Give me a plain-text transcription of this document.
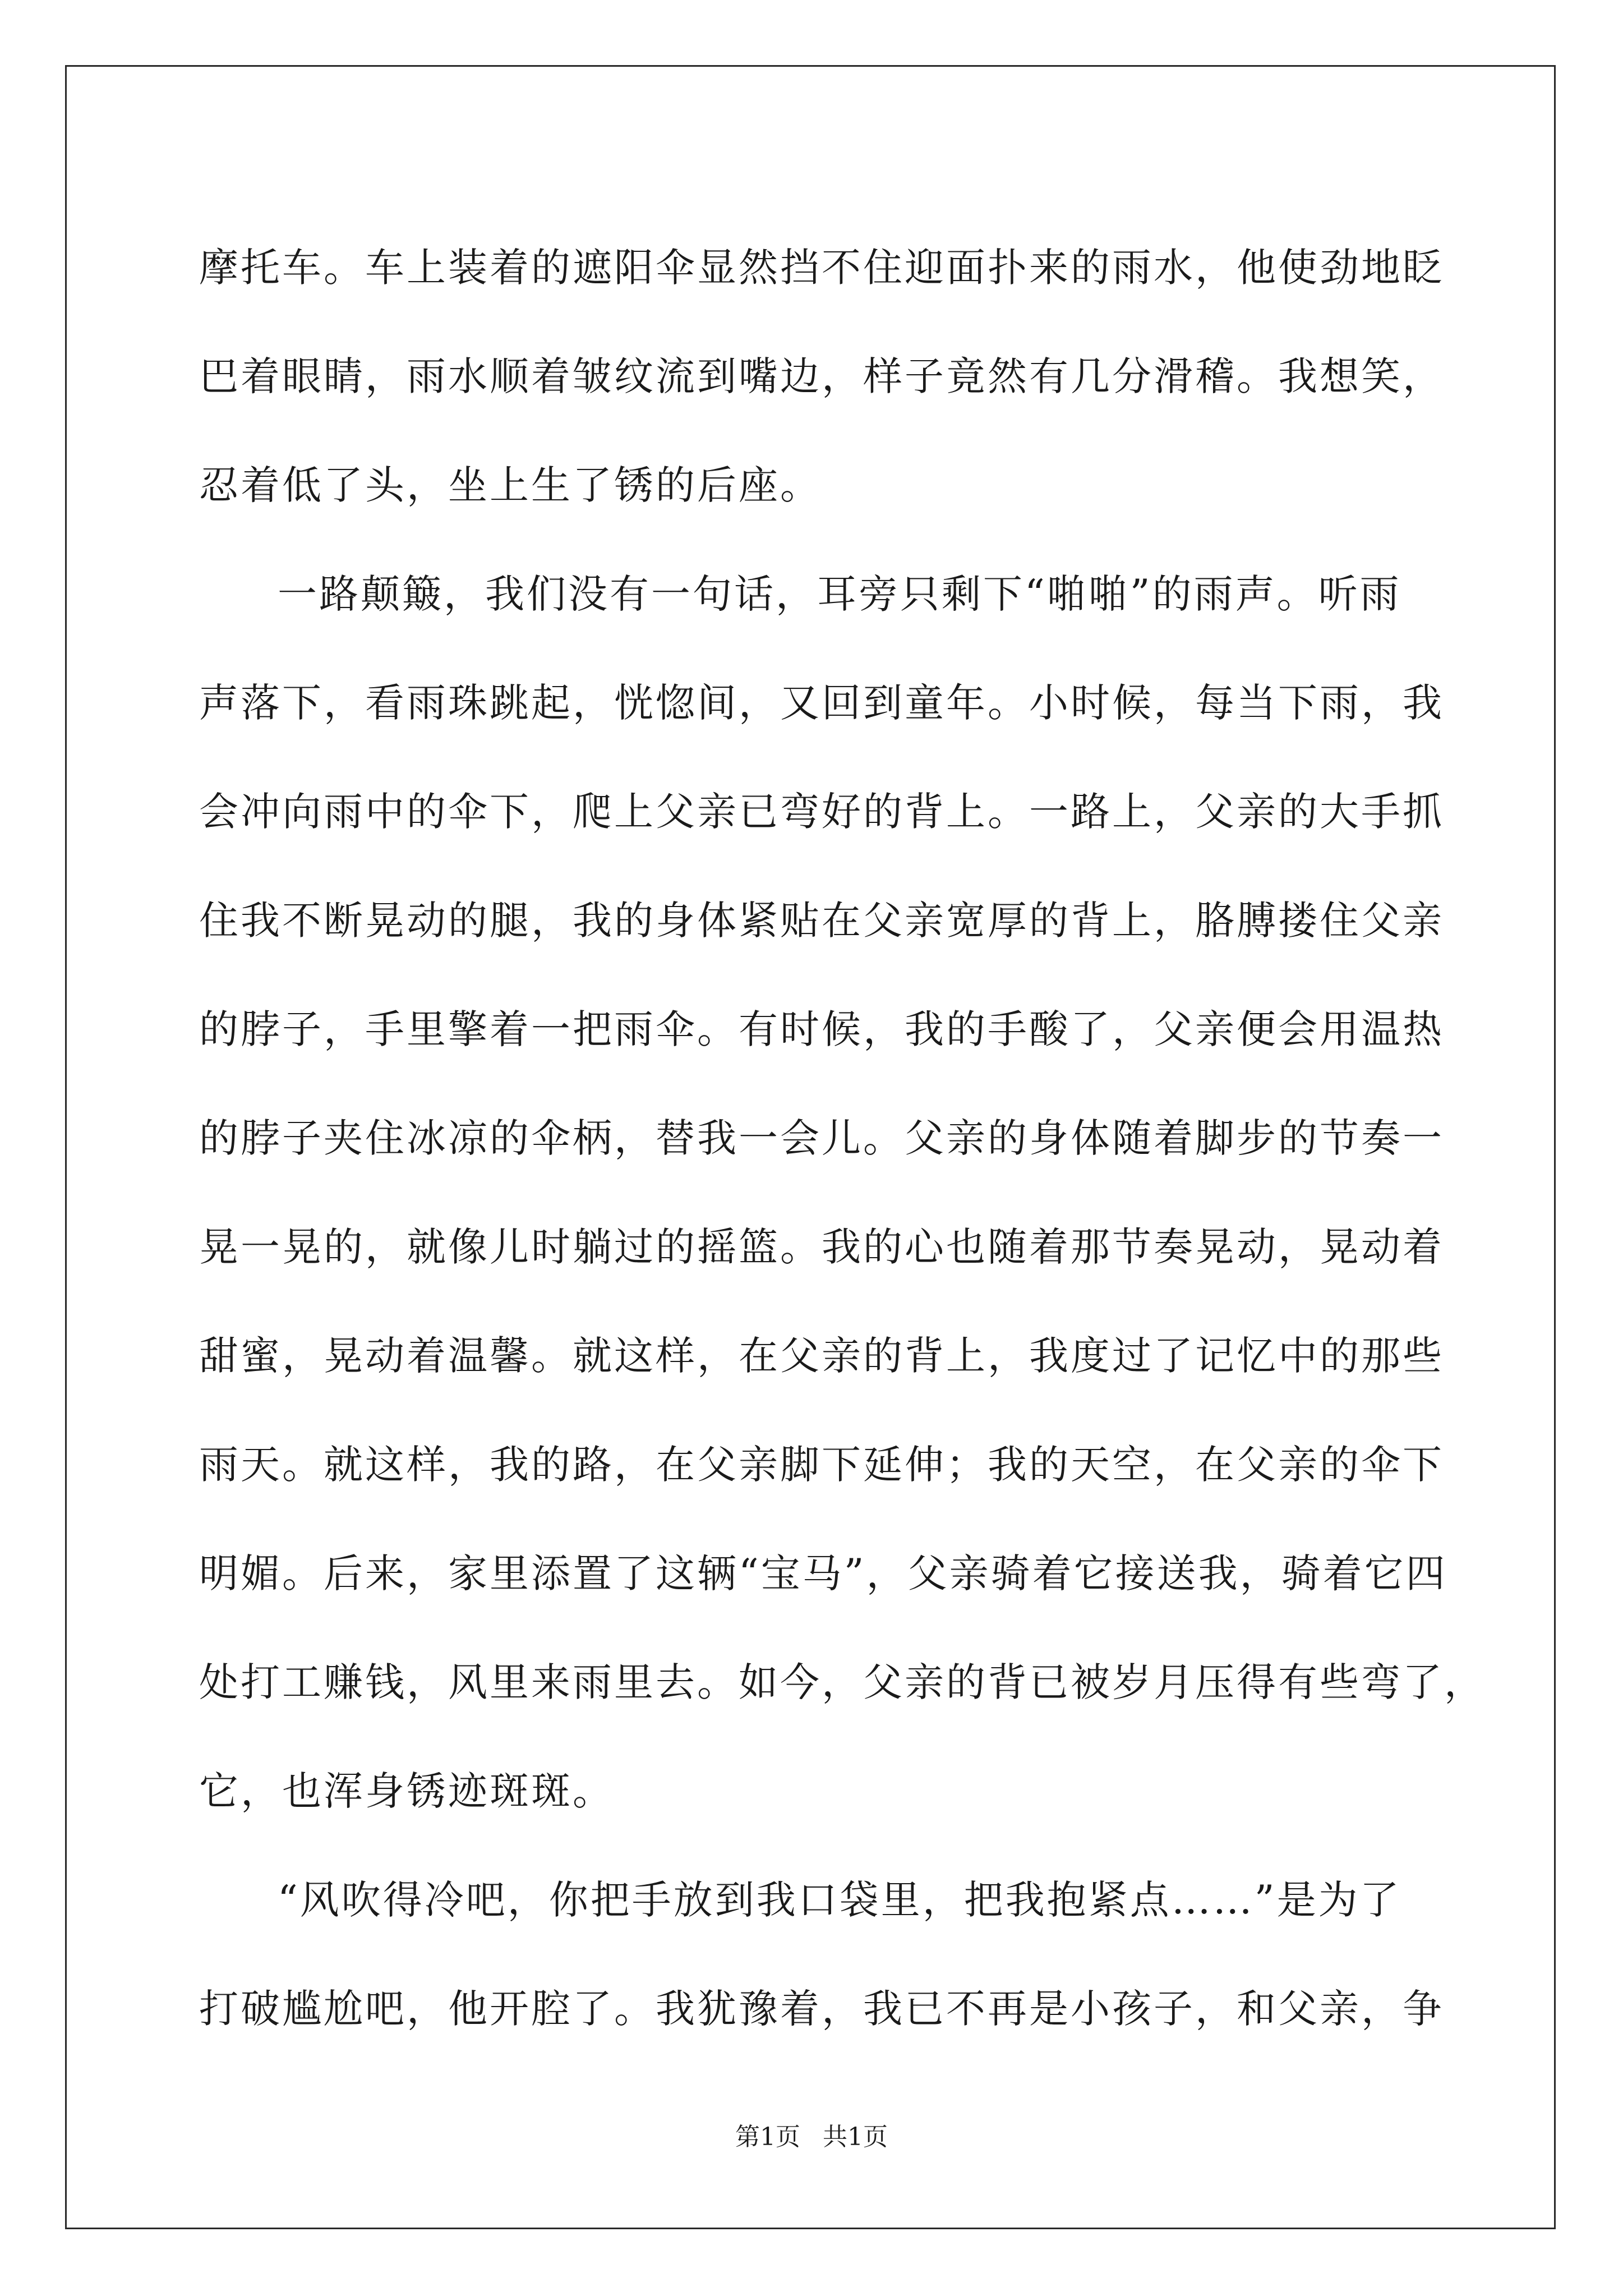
摩托车。车上装着的遮阳伞显然挡不住迎面扑来的雨水，他使劲地眨
巴着眼睛，雨水顺着皱纹流到嘴边，样子竟然有几分滑稽。我想笑，
忍着低了头，坐上生了锈的后座。
一路颠簸，我们没有一句话，耳旁只剩下“啪啪”的雨声。听雨
声落下，看雨珠跳起，恍惚间，又回到童年。小时候，每当下雨，我
会冲向雨中的伞下，爬上父亲已弯好的背上。一路上，父亲的大手抓
住我不断晃动的腿，我的身体紧贴在父亲宽厚的背上，胳膊搂住父亲
的脖子，手里擎着一把雨伞。有时候，我的手酸了，父亲便会用温热
的脖子夹住冰凉的伞柄，替我一会儿。父亲的身体随着脚步的节奏一
晃一晃的，就像儿时躺过的摇篮。我的心也随着那节奏晃动，晃动着
甜蜜，晃动着温馨。就这样，在父亲的背上，我度过了记忆中的那些
雨天。就这样，我的路，在父亲脚下延伸；我的天空，在父亲的伞下
明媚。后来，家里添置了这辆“宝马”，父亲骑着它接送我，骑着它四
处打工赚钱，风里来雨里去。如今，父亲的背已被岁月压得有些弯了，
它，也浑身锈迹斑斑。
“风吹得冷吧，你把手放到我口袋里，把我抱紧点……”是为了
打破尴尬吧，他开腔了。我犹豫着，我已不再是小孩子，和父亲，争
第1页 共1页
